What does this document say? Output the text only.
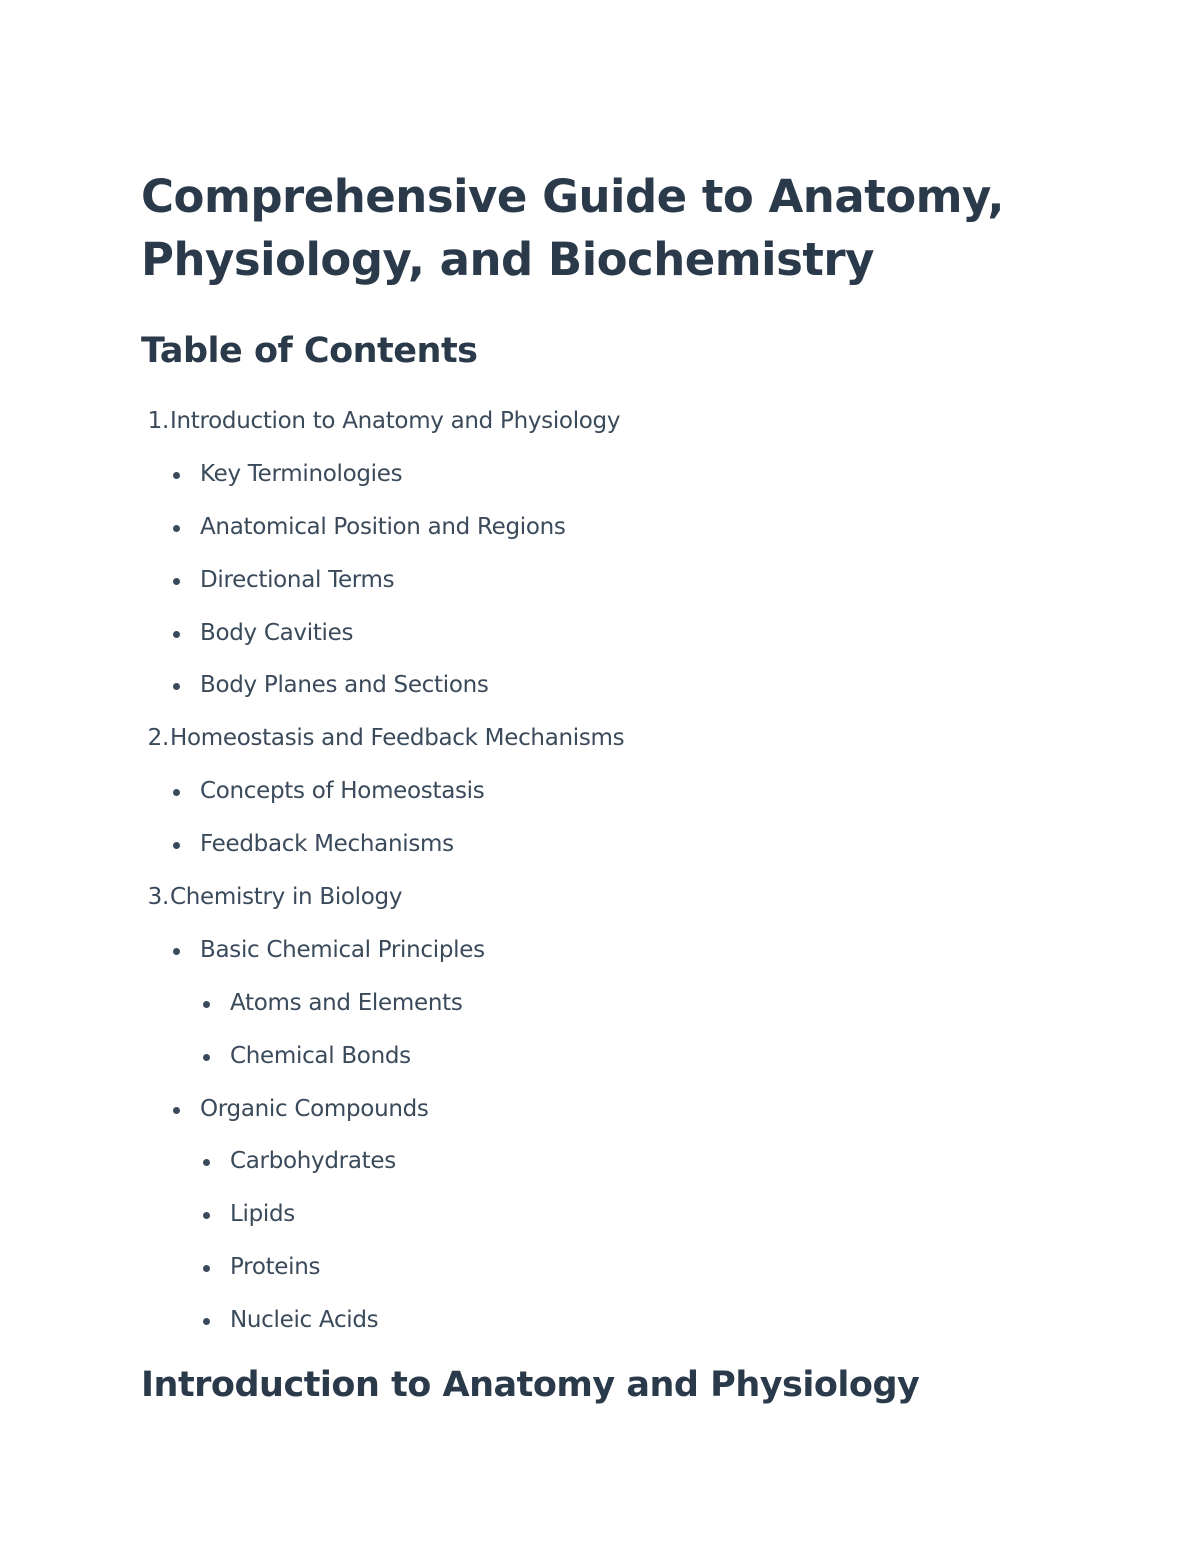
Comprehensive Guide to Anatomy,
Physiology, and Biochemistry
Table of Contents
1. Introduction to Anatomy and Physiology
Key Terminologies
Anatomical Position and Regions
Directional Terms
Body Cavities
Body Planes and Sections
2. Homeostasis and Feedback Mechanisms
Concepts of Homeostasis
Feedback Mechanisms
3. Chemistry in Biology
Basic Chemical Principles
Atoms and Elements
Chemical Bonds
Organic Compounds
Carbohydrates
Lipids
Proteins
Nucleic Acids
Introduction to Anatomy and Physiology
